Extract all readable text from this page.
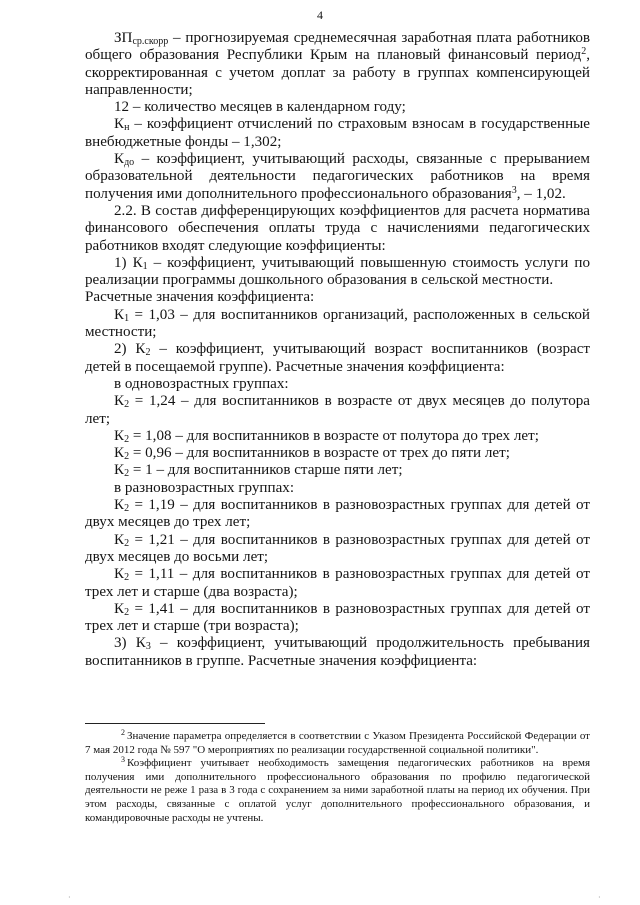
4

$ЗП_{ср.скорр}$ – прогнозируемая среднемесячная заработная плата работников общего образования Республики Крым на плановый финансовый период$^2$, скорректированная с учетом доплат за работу в группах компенсирующей направленности;

12 – количество месяцев в календарном году;

$К_н$ – коэффициент отчислений по страховым взносам в государственные внебюджетные фонды – 1,302;

$К_{до}$ – коэффициент, учитывающий расходы, связанные с прерыванием образовательной деятельности педагогических работников на время получения ими дополнительного профессионального образования$^3$, – 1,02.

2.2. В состав дифференцирующих коэффициентов для расчета норматива финансового обеспечения оплаты труда с начислениями педагогических работников входят следующие коэффициенты:

1) $К_1$ – коэффициент, учитывающий повышенную стоимость услуги по реализации программы дошкольного образования в сельской местности.

Расчетные значения коэффициента:

$К_1 = 1,03$ – для воспитанников организаций, расположенных в сельской местности;

2) $К_2$ – коэффициент, учитывающий возраст воспитанников (возраст детей в посещаемой группе). Расчетные значения коэффициента:

в одновозрастных группах:

$К_2 = 1,24$ – для воспитанников в возрасте от двух месяцев до полутора лет;

$К_2 = 1,08$ – для воспитанников в возрасте от полутора до трех лет;

$К_2 = 0,96$ – для воспитанников в возрасте от трех до пяти лет;

$К_2 = 1$ – для воспитанников старше пяти лет;

в разновозрастных группах:

$К_2 = 1,19$ – для воспитанников в разновозрастных группах для детей от двух месяцев до трех лет;

$К_2 = 1,21$ – для воспитанников в разновозрастных группах для детей от двух месяцев до восьми лет;

$К_2 = 1,11$ – для воспитанников в разновозрастных группах для детей от трех лет и старше (два возраста);

$К_2 = 1,41$ – для воспитанников в разновозрастных группах для детей от трех лет и старше (три возраста);

3) $К_3$ – коэффициент, учитывающий продолжительность пребывания воспитанников в группе. Расчетные значения коэффициента:

$^2$ Значение параметра определяется в соответствии с Указом Президента Российской Федерации от 7 мая 2012 года № 597 "О мероприятиях по реализации государственной социальной политики".

$^3$ Коэффициент учитывает необходимость замещения педагогических работников на время получения ими дополнительного профессионального образования по профилю педагогической деятельности не реже 1 раза в 3 года с сохранением за ними заработной платы на период их обучения. При этом расходы, связанные с оплатой услуг дополнительного профессионального образования, и командировочные расходы не учтены.

·	·
